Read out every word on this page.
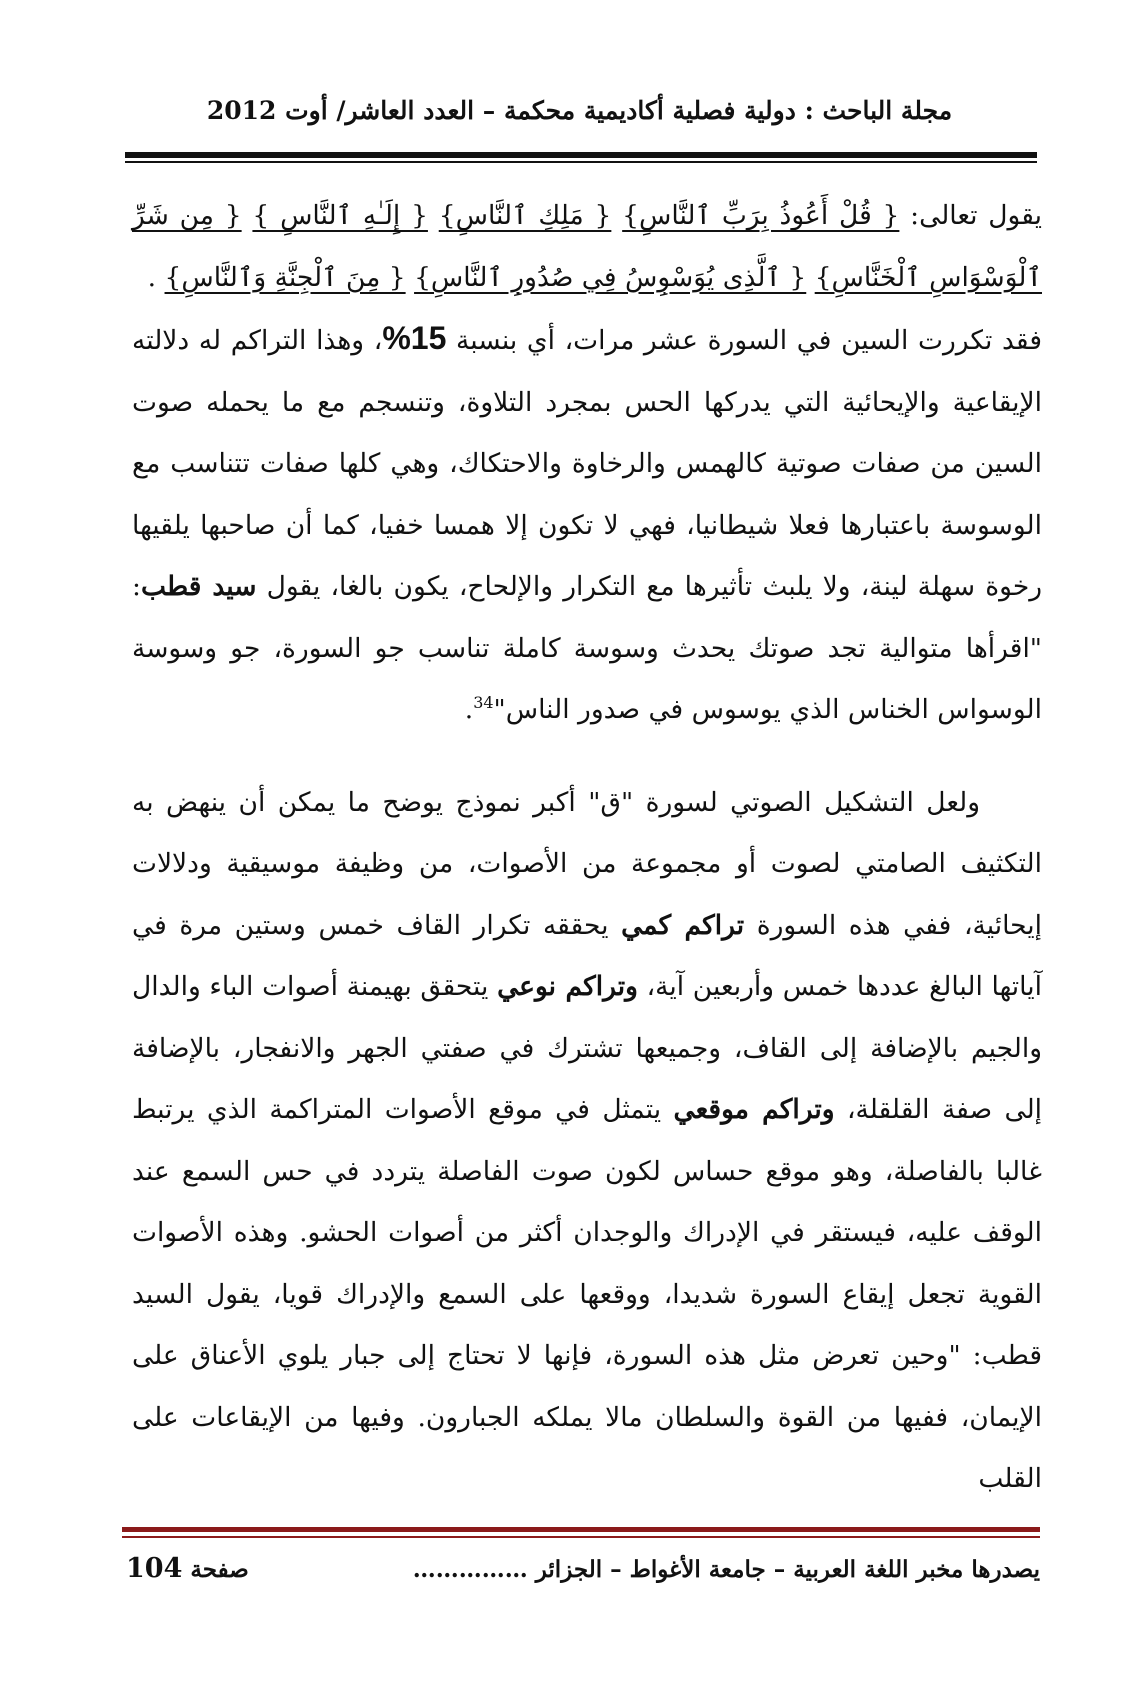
مجلة الباحث : دولية فصلية أكاديمية محكمة – العدد العاشر/ أوت 2012

يقول تعالى: { قُلْ أَعُوذُ بِرَبِّ ٱلنَّاسِ} { مَلِكِ ٱلنَّاسِ} { إِلَـٰهِ ٱلنَّاسِ } { مِن شَرِّ ٱلْوَسْوَاسِ ٱلْخَنَّاسِ} { ٱلَّذِى يُوَسْوِسُ فِي صُدُورِ ٱلنَّاسِ} { مِنَ ٱلْجِنَّةِ وَٱلنَّاسِ} .

فقد تكررت السين في السورة عشر مرات، أي بنسبة 15%، وهذا التراكم له دلالته الإيقاعية والإيحائية التي يدركها الحس بمجرد التلاوة، وتنسجم مع ما يحمله صوت السين من صفات صوتية كالهمس والرخاوة والاحتكاك، وهي كلها صفات تتناسب مع الوسوسة باعتبارها فعلا شيطانيا، فهي لا تكون إلا همسا خفيا، كما أن صاحبها يلقيها رخوة سهلة لينة، ولا يلبث تأثيرها مع التكرار والإلحاح، يكون بالغا، يقول سيد قطب: "اقرأها متوالية تجد صوتك يحدث وسوسة كاملة تناسب جو السورة، جو وسوسة الوسواس الخناس الذي يوسوس في صدور الناس"$^{34}$.

ولعل التشكيل الصوتي لسورة "ق" أكبر نموذج يوضح ما يمكن أن ينهض به التكثيف الصامتي لصوت أو مجموعة من الأصوات، من وظيفة موسيقية ودلالات إيحائية، ففي هذه السورة تراكم كمي يحققه تكرار القاف خمس وستين مرة في آياتها البالغ عددها خمس وأربعين آية، وتراكم نوعي يتحقق بهيمنة أصوات الباء والدال والجيم بالإضافة إلى القاف، وجميعها تشترك في صفتي الجهر والانفجار، بالإضافة إلى صفة القلقلة، وتراكم موقعي يتمثل في موقع الأصوات المتراكمة الذي يرتبط غالبا بالفاصلة، وهو موقع حساس لكون صوت الفاصلة يتردد في حس السمع عند الوقف عليه، فيستقر في الإدراك والوجدان أكثر من أصوات الحشو. وهذه الأصوات القوية تجعل إيقاع السورة شديدا، ووقعها على السمع والإدراك قويا، يقول السيد قطب: "وحين تعرض مثل هذه السورة، فإنها لا تحتاج إلى جبار يلوي الأعناق على الإيمان، ففيها من القوة والسلطان مالا يملكه الجبارون. وفيها من الإيقاعات على القلب

يصدرها مخبر اللغة العربية – جامعة الأغواط – الجزائر ……………
صفحة 104
